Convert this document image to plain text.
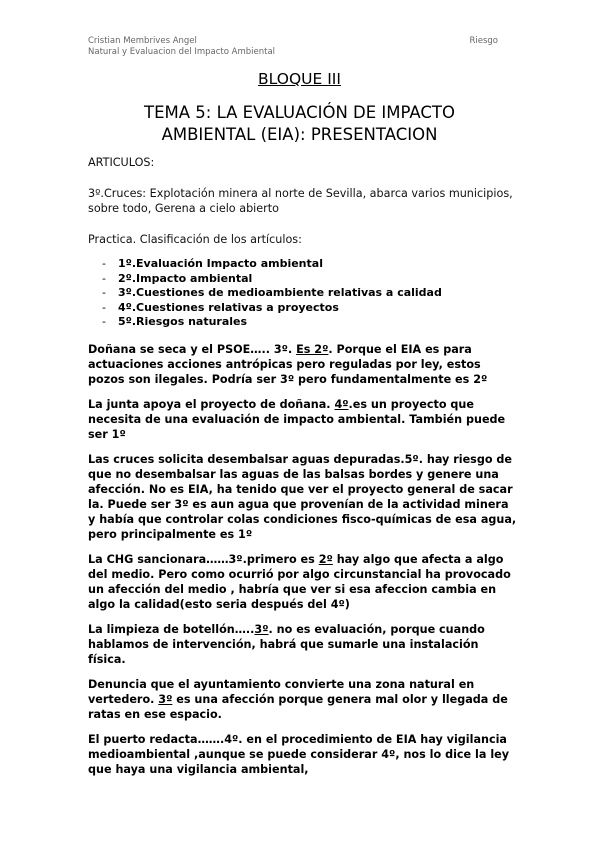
Cristian Membrives Angel
Natural y Evaluacion del Impacto Ambiental
Riesgo
BLOQUE III
TEMA 5: LA EVALUACIÓN DE IMPACTO
AMBIENTAL (EIA): PRESENTACION

ARTICULOS:

3º.Cruces: Explotación minera al norte de Sevilla, abarca varios municipios, sobre todo, Gerena a cielo abierto

Practica. Clasificación de los artículos:

- 1º.Evaluación Impacto ambiental
- 2º.Impacto ambiental
- 3º.Cuestiones de medioambiente relativas a calidad
- 4º.Cuestiones relativas a proyectos
- 5º.Riesgos naturales

Doñana se seca y el PSOE….. 3º. Es 2º. Porque el EIA es para actuaciones acciones antrópicas pero reguladas por ley, estos pozos son ilegales. Podría ser 3º pero fundamentalmente es 2º

La junta apoya el proyecto de doñana. 4º.es un proyecto que necesita de una evaluación de impacto ambiental. También puede ser 1º

Las cruces solicita desembalsar aguas depuradas.5º. hay riesgo de que no desembalsar las aguas de las balsas bordes y genere una afección. No es EIA, ha tenido que ver el proyecto general de sacar la. Puede ser 3º es aun agua que provenían de la actividad minera y había que controlar colas condiciones fisco-químicas de esa agua, pero principalmente es 1º

La CHG sancionara……3º.primero es 2º hay algo que afecta a algo del medio. Pero como ocurrió por algo circunstancial ha provocado un afección del medio , habría que ver si esa afeccion cambia en algo la calidad(esto seria después del 4º)

La limpieza de botellón…..3º. no es evaluación, porque cuando hablamos de intervención, habrá que sumarle una instalación física.

Denuncia que el ayuntamiento convierte una zona natural en vertedero. 3º es una afección porque genera mal olor y llegada de ratas en ese espacio.

El puerto redacta…….4º. en el procedimiento de EIA hay vigilancia medioambiental ,aunque se puede considerar 4º, nos lo dice la ley que haya una vigilancia ambiental,
